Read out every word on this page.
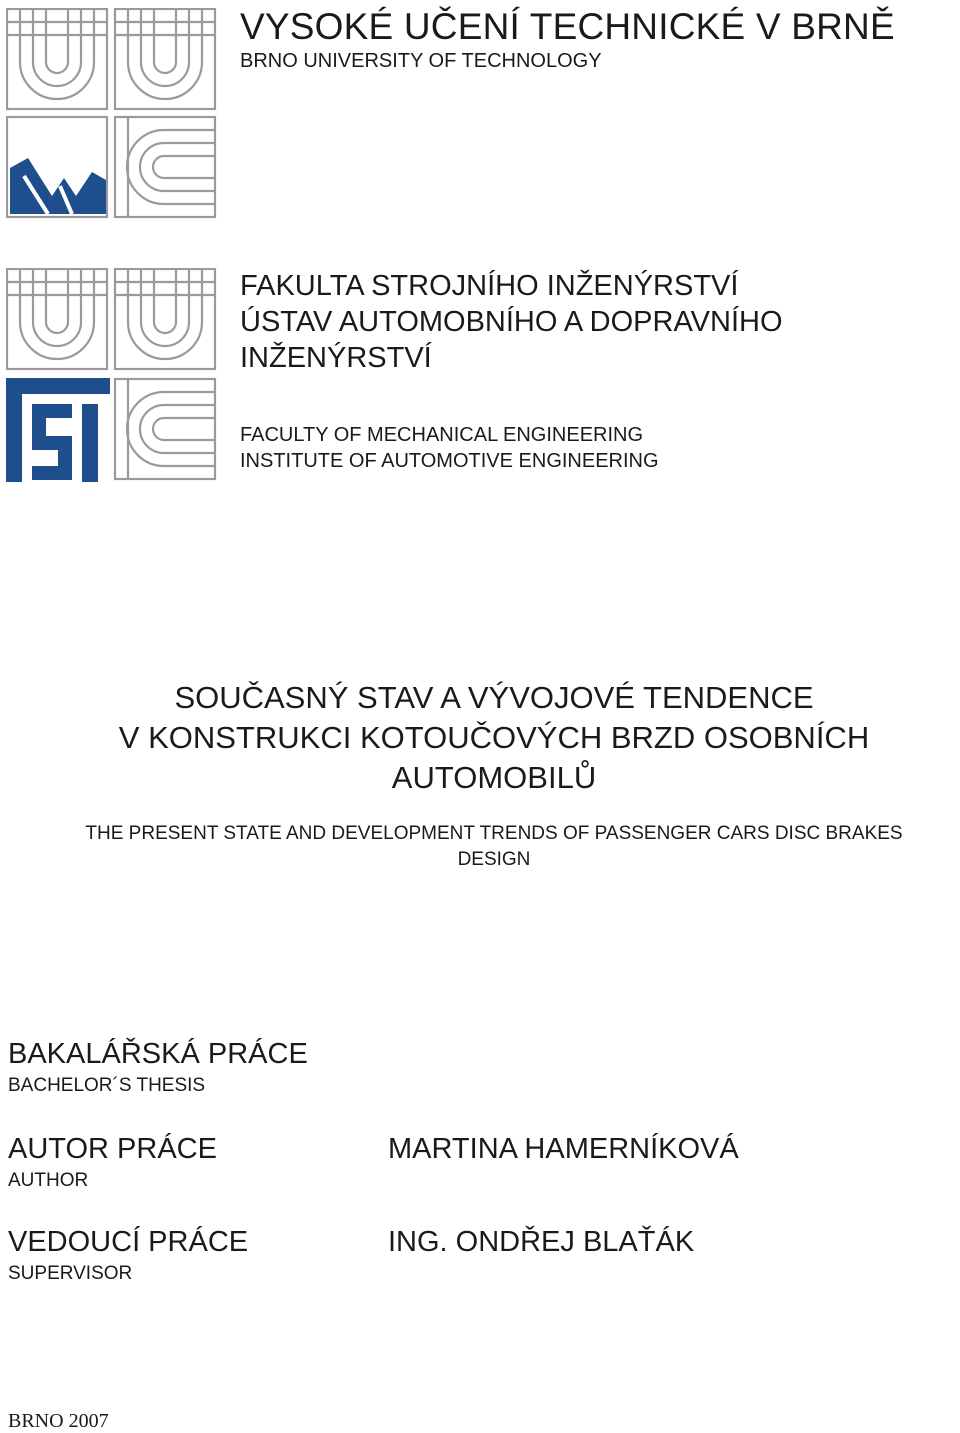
VYSOKÉ UČENÍ TECHNICKÉ V BRNĚ
BRNO UNIVERSITY OF TECHNOLOGY
FAKULTA STROJNÍHO INŽENÝRSTVÍ
ÚSTAV AUTOMOBNÍHO A DOPRAVNÍHO
INŽENÝRSTVÍ
FACULTY OF MECHANICAL ENGINEERING
INSTITUTE OF AUTOMOTIVE ENGINEERING
SOUČASNÝ STAV A VÝVOJOVÉ TENDENCE
V KONSTRUKCI KOTOUČOVÝCH BRZD OSOBNÍCH
AUTOMOBILŮ
THE PRESENT STATE AND DEVELOPMENT TRENDS OF PASSENGER CARS DISC BRAKES
DESIGN
BAKALÁŘSKÁ PRÁCE
BACHELOR´S THESIS
AUTOR PRÁCE
AUTHOR
MARTINA HAMERNÍKOVÁ
VEDOUCÍ PRÁCE
SUPERVISOR
ING. ONDŘEJ BLAŤÁK
BRNO 2007
